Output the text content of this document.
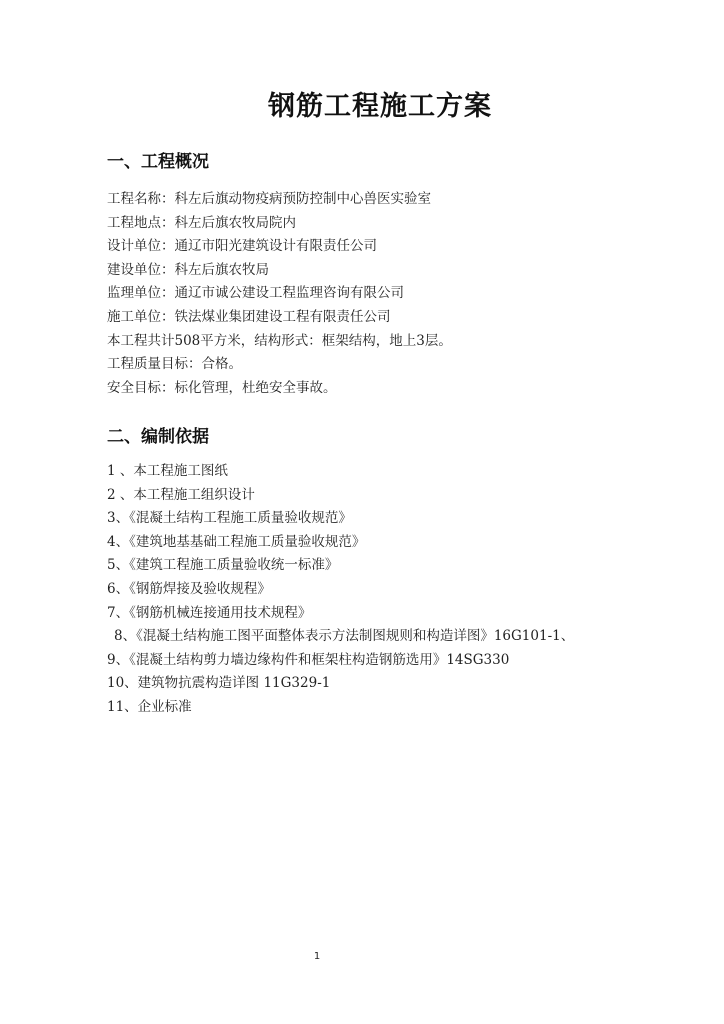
钢筋工程施工方案
一、工程概况
工程名称：科左后旗动物疫病预防控制中心兽医实验室
工程地点：科左后旗农牧局院内
设计单位：通辽市阳光建筑设计有限责任公司
建设单位：科左后旗农牧局
监理单位：通辽市诚公建设工程监理咨询有限公司
施工单位：铁法煤业集团建设工程有限责任公司
本工程共计508平方米，结构形式：框架结构，地上3层。
工程质量目标：合格。
安全目标：标化管理，杜绝安全事故。
二、编制依据
1 、本工程施工图纸
2 、本工程施工组织设计
3、《混凝土结构工程施工质量验收规范》
4、《建筑地基基础工程施工质量验收规范》
5、《建筑工程施工质量验收统一标准》
6、《钢筋焊接及验收规程》
7、《钢筋机械连接通用技术规程》
8、《混凝土结构施工图平面整体表示方法制图规则和构造详图》16G101-1、
9、《混凝土结构剪力墙边缘构件和框架柱构造钢筋选用》14SG330
10、建筑物抗震构造详图 11G329-1
11、企业标准
1
